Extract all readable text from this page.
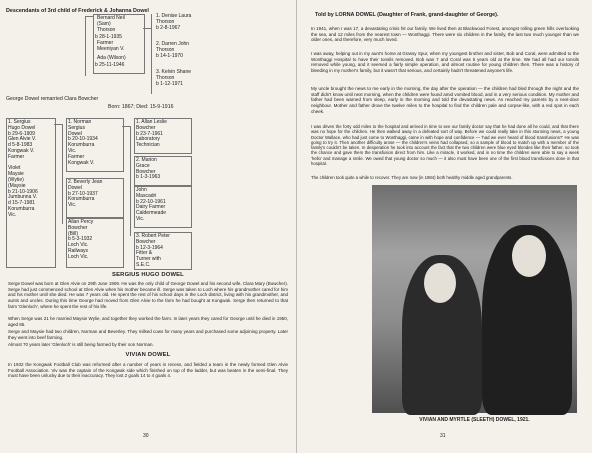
Descendants of 3rd child of Frederick & Johanna Dowel
Bernard Neil
(Sam)
Thorson
b 28-1-1935
Farmer
Meeniyan V.
Ada (Wilson)
b 25-11-1946
1. Denise Laura
Thorson
b 2-8-1967
2. Darren John
Thorson
b 14-1-1970
3. Kelvin Shane
Thorson
b 1-12-1971
George Dowel remarried Clara Bowcher
Born: 1867; Died: 15-9-1916
1. Sergius
Hugo Dowel
b 29-6-1909
Glen Alvie V.
d 5-8-1983
Kongwak V.
Farmer

Violet
Maysie
(Wytie)
(Maysie
b 21-10-1906
Jumbunna V.
d 15-7-1981
Korumburra
Vic.
1. Norman
Sergius
Dowel
b 20-10-1934
Korumburra
Vic.
Farmer
Kongwak V.
2. Beverly Jean
Dowel
b 27-10-1937
Korumburra
Vic.
Allan Percy
Bowcher
(Bill)
b 5-3-1932
Loch Vic.
Railways
Loch Vic.
1. Allan Leslie
Bowcher
b 23-7-1961
Laboratory
Technician
2. Marion
Grace
Bowcher
b 1-3-1963
John
Mascadri
b 22-10-1961
Dairy Farmer
Caldermeade
Vic.
3. Robert Peter
Bowcher
b 12-3-1964
Fitter &
Turner with
S.E.C.
SERGIUS HUGO DOWEL
Serge Dowel was born at Glen Alvie on 29th June 1909. He was the only child of George Dowel and his second wife, Clara Mary (Bowcher). Serge had just commenced school at Glen Alvie when his mother became ill. Serge was taken to Loch where his grandmother cared for him and his mother until she died. He was 7 years old. He spent the rest of his school days in the Loch district, living with his grandmother, and aunts and uncles. During this time George had moved from Glen Alvie to the farm he had bought at Kongwak. Serge then returned to that farm 'Glenloch', where he spent the rest of his life.
When Serge was 21 he married Maysie Wylie, and together they worked the farm. In later years they cared for George until he died in 1950, aged 85.
Serge and Maysie had two children, Norman and Beverley. They milked cows for many years and purchased some adjoining property. Later they went into beef farming.
Almost 70 years later 'Glenloch' is still being farmed by their son Norman.
VIVIAN DOWEL
In 1932 the Kongwak Football Club was reformed after a number of years in recess, and fielded a team in the newly formed Glen Alvie Football Association. Viv was the captain of the Kongwak side which finished on top of the ladder, but was beaten in the semi-final. They must have been unlucky due to their inaccuracy. They lost 2 goals 14 to 4 goals 4.
30
Told by LORNA DOWEL (Daughter of Frank, grand-daughter of George).
In 1941, when I was 17, a devastating crisis hit our family. We lived then at Blackwood Forest, amongst rolling green hills overlooking the sea, and 12 miles from the nearest town — Wonthaggi. There were six children in the family, the last two much younger than we older ones, and therefore, very much loved.
I was away, helping out in my aunt's home at Grassy Spur, when my youngest brother and sister, Bob and Coral, were admitted to the Wonthaggi Hospital to have their tonsils removed. Bob was 7 and Coral was 5 years old at the time. We had all had our tonsils removed while young, and it seemed a fairly simple operation, and almost routine for young children then. There was a history of bleeding in my mother's family, but it wasn't that serious, and certainly hadn't threatened anyone's life.
My uncle brought the news to me early in the morning, the day after the operation — the children had bled through the night and the staff didn't know until next morning, when the children were found amid vomited blood, and in a very serious condition. My mother and father had been warned from sleep, early in the morning and told the devastating news. As reached my parents by a next-door neighbour. Mother and father drove the twelve miles to the hospital to find the children pale and corpse-like, with a red spot in each cheek.
I was driven the forty odd miles to the hospital and arrived in time to see our family doctor say that he had done all he could, and that there was no hope for the children. He then walked away in a defeated sort of way. Before we could really take in this stunning news, a young Doctor Wallace, who had just come to Wonthaggi, came in with hope and confidence — 'had we ever heard of blood transfusions?' He was going to try it. Then another difficulty arose — the children's veins had collapsed, so a sample of blood to match up with a member of the family's couldn't be taken. In desperation he took into account the fact that the two children were blue eyed blondes like their father, so took the chance and gave them the transfusion direct from him. Like a miracle, it worked, and in no time the children were able to say a week 'hello' and manage a smile. We owed that young doctor so much — it also must have been one of the first blood transfusions done in that hospital.
The children took quite a while to recover. They are now (in 1984) both healthy middle aged grandparents.
VIVIAN AND MYRTLE (SLEETH) DOWEL, 1921.
31
